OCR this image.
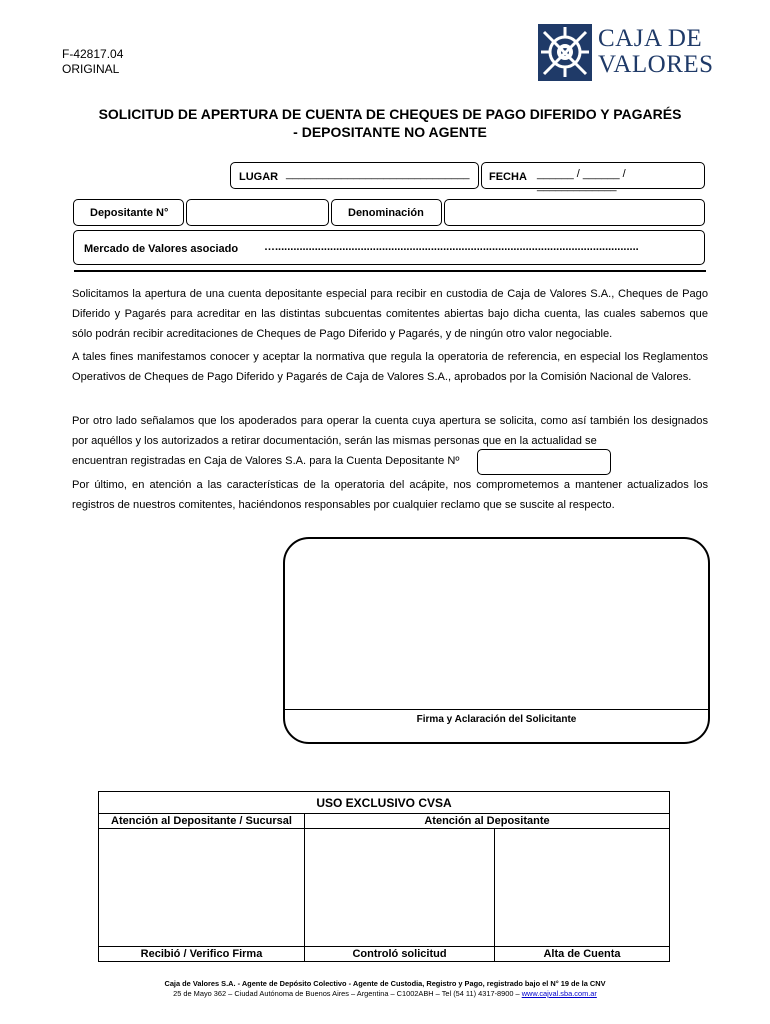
F-42817.04
ORIGINAL
CAJA DE
VALORES
SOLICITUD DE APERTURA DE CUENTA DE CHEQUES DE PAGO DIFERIDO Y PAGARÉS
- DEPOSITANTE NO AGENTE
LUGAR ______________________________ FECHA ______ / ______ / _____________
Depositante N°	Denominación
Mercado de Valores asociado ….......................................................................................................................
Solicitamos la apertura de una cuenta depositante especial para recibir en custodia de Caja de Valores S.A., Cheques de Pago Diferido y Pagarés para acreditar en las distintas subcuentas comitentes abiertas bajo dicha cuenta, las cuales sabemos que sólo podrán recibir acreditaciones de Cheques de Pago Diferido y Pagarés, y de ningún otro valor negociable.
A tales fines manifestamos conocer y aceptar la normativa que regula la operatoria de referencia, en especial los Reglamentos Operativos de Cheques de Pago Diferido y Pagarés de Caja de Valores S.A., aprobados por la Comisión Nacional de Valores.
Por otro lado señalamos que los apoderados para operar la cuenta cuya apertura se solicita, como así también los designados por aquéllos y los autorizados a retirar documentación, serán las mismas personas que en la actualidad se
encuentran registradas en Caja de Valores S.A. para la Cuenta Depositante Nº
Por último, en atención a las características de la operatoria del acápite, nos comprometemos a mantener actualizados los registros de nuestros comitentes, haciéndonos responsables por cualquier reclamo que se suscite al respecto.
Firma y Aclaración del Solicitante
USO EXCLUSIVO CVSA		
Atención al Depositante / Sucursal	Atención al Depositante	

Recibió / Verifico Firma	Controló solicitud	Alta de Cuenta
Caja de Valores S.A. - Agente de Depósito Colectivo - Agente de Custodia, Registro y Pago, registrado bajo el N° 19 de la CNV
25 de Mayo 362 – Ciudad Autónoma de Buenos Aires – Argentina – C1002ABH – Tel (54 11) 4317-8900 – www.cajval.sba.com.ar
